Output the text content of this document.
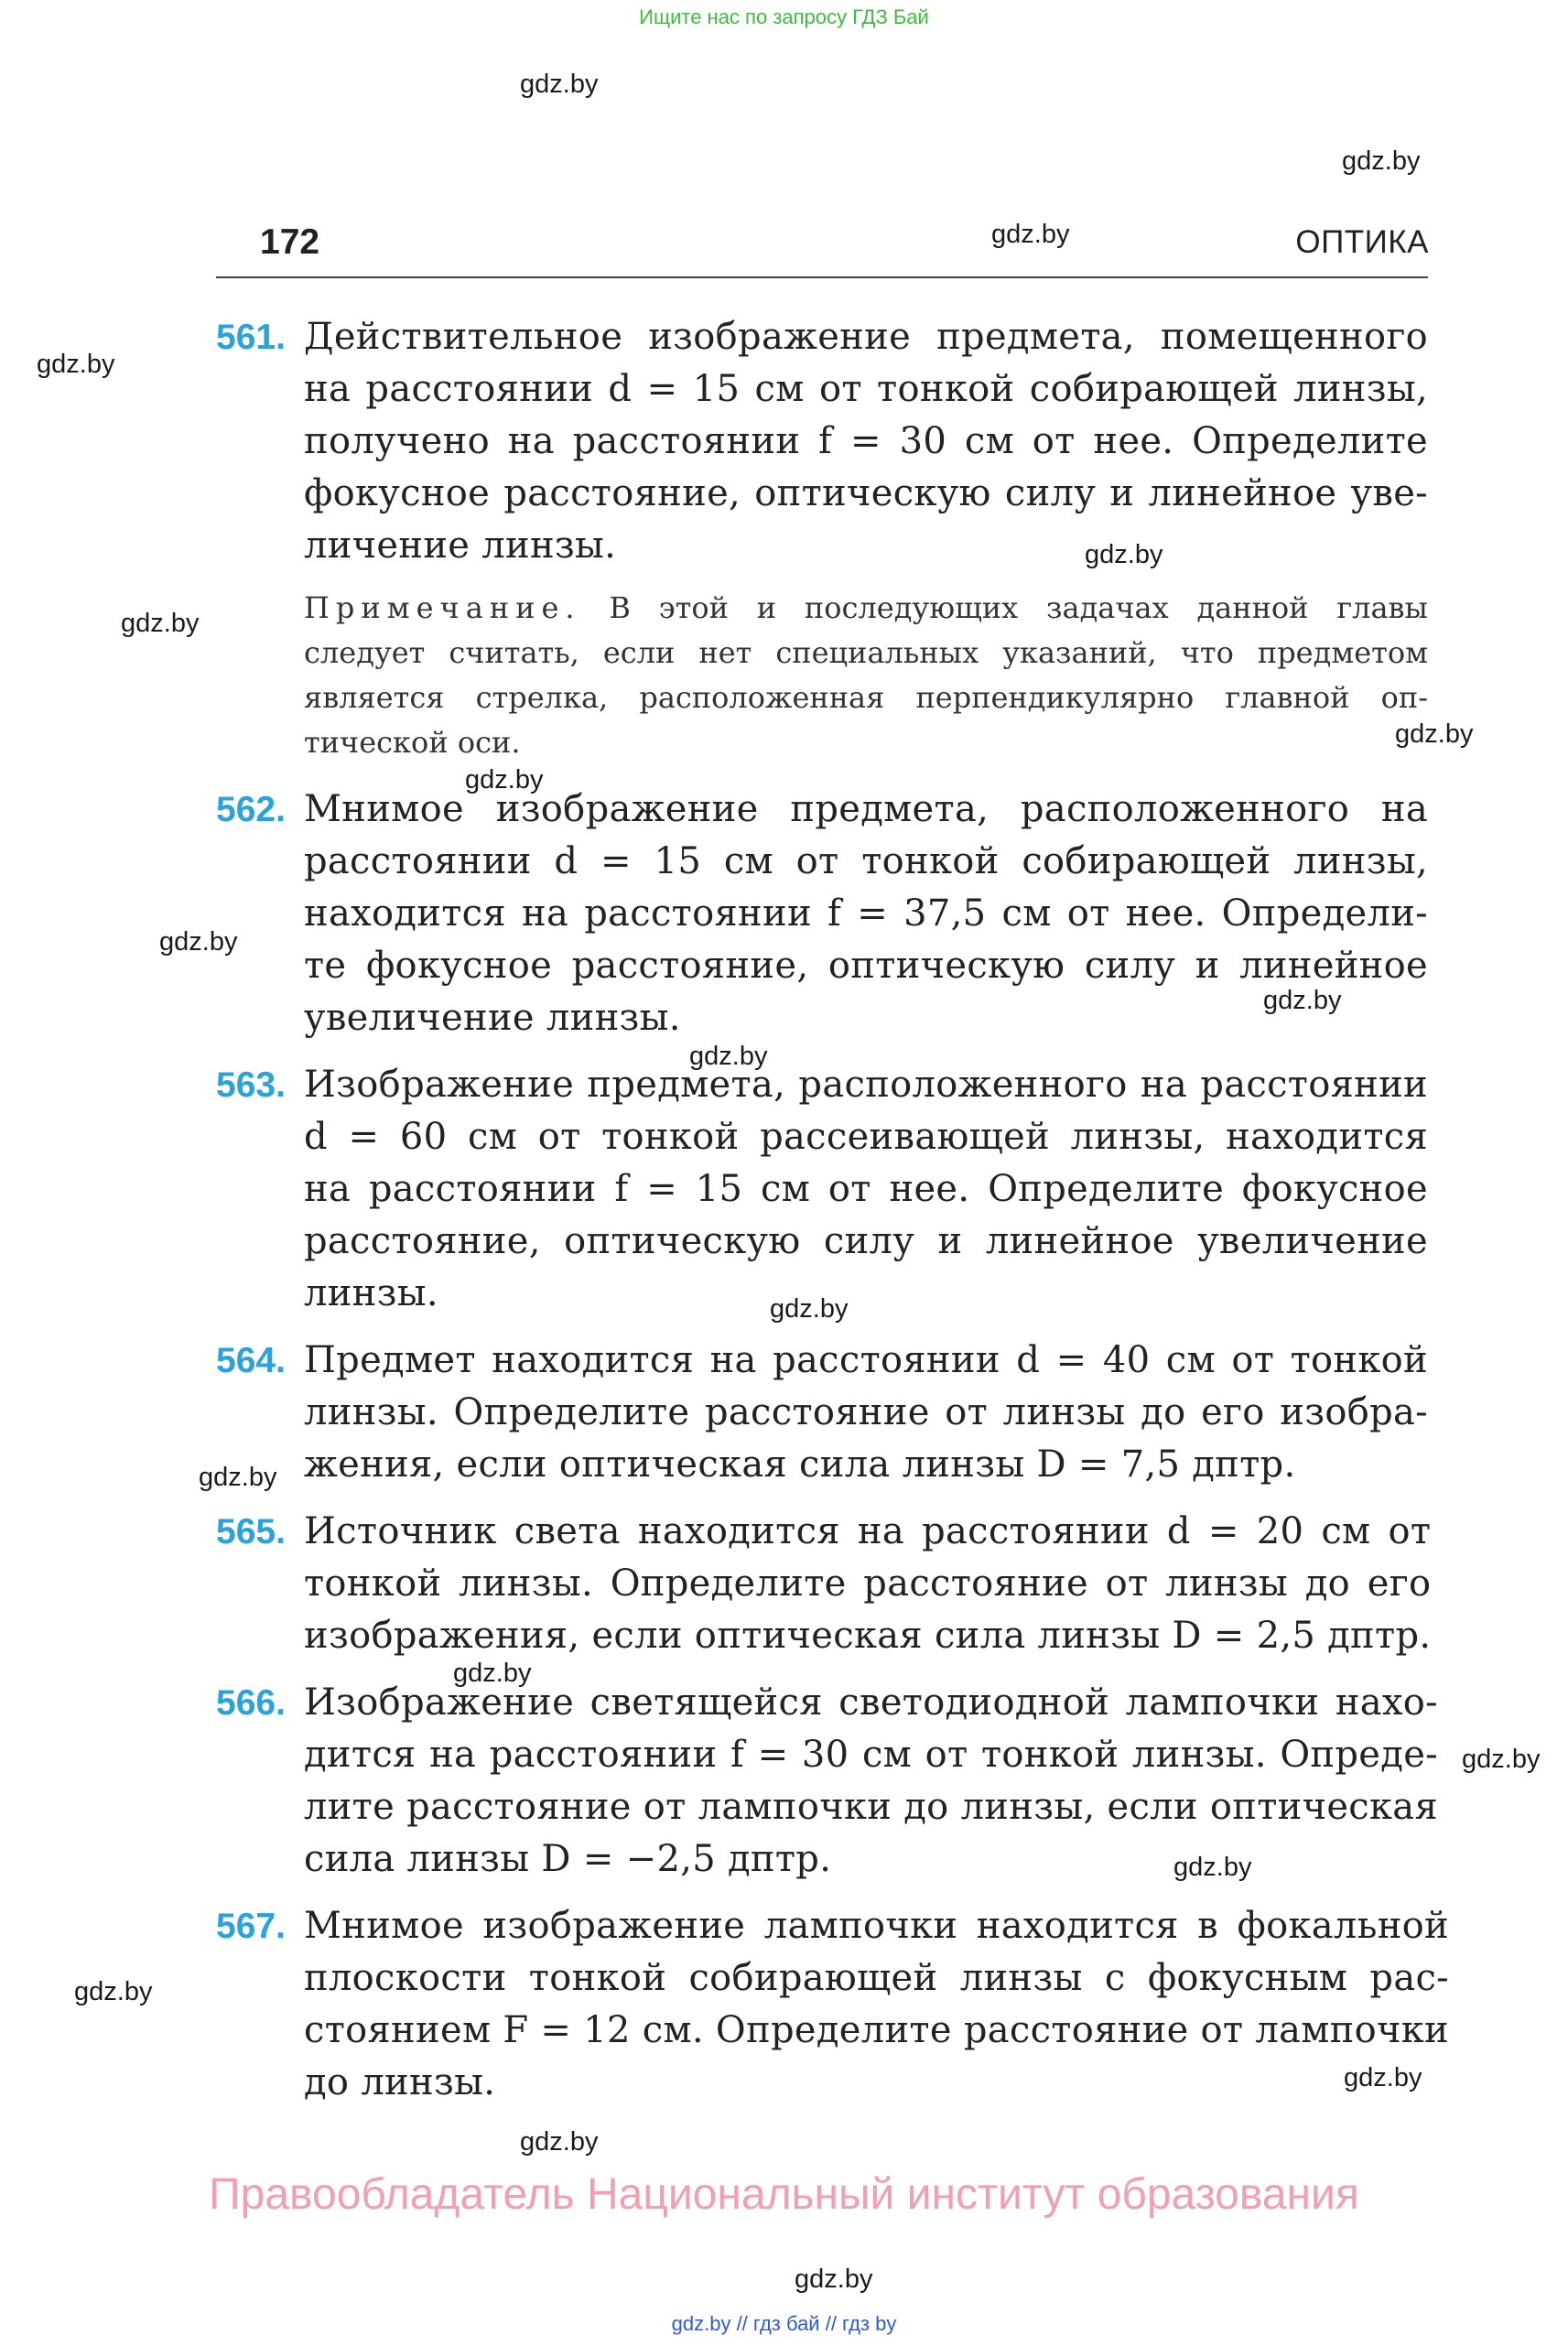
Ищите нас по запросу ГДЗ Бай
gdz.by
gdz.by
gdz.by
gdz.by
gdz.by
gdz.by
gdz.by
gdz.by
gdz.by
gdz.by
gdz.by
gdz.by
gdz.by
gdz.by
gdz.by
gdz.by
gdz.by
gdz.by
gdz.by
gdz.by
172	ОПТИКА
561. Действительное изображение предмета, помещенного
на расстоянии d = 15 см от тонкой собирающей линзы,
получено на расстоянии f = 30 см от нее. Определите
фокусное расстояние, оптическую силу и линейное уве-
личение линзы.
Примечание. В этой и последующих задачах данной главы
следует считать, если нет специальных указаний, что предметом
является стрелка, расположенная перпендикулярно главной оп-
тической оси.
562. Мнимое изображение предмета, расположенного на
расстоянии d = 15 см от тонкой собирающей линзы,
находится на расстоянии f = 37,5 см от нее. Определи-
те фокусное расстояние, оптическую силу и линейное
увеличение линзы.
563. Изображение предмета, расположенного на расстоянии
d = 60 см от тонкой рассеивающей линзы, находится
на расстоянии f = 15 см от нее. Определите фокусное
расстояние, оптическую силу и линейное увеличение
линзы.
564. Предмет находится на расстоянии d = 40 см от тонкой
линзы. Определите расстояние от линзы до его изобра-
жения, если оптическая сила линзы D = 7,5 дптр.
565. Источник света находится на расстоянии d = 20 см от
тонкой линзы. Определите расстояние от линзы до его
изображения, если оптическая сила линзы D = 2,5 дптр.
566. Изображение светящейся светодиодной лампочки нахо-
дится на расстоянии f = 30 см от тонкой линзы. Опреде-
лите расстояние от лампочки до линзы, если оптическая
сила линзы D = −2,5 дптр.
567. Мнимое изображение лампочки находится в фокальной
плоскости тонкой собирающей линзы с фокусным рас-
стоянием F = 12 см. Определите расстояние от лампочки
до линзы.
Правообладатель Национальный институт образования
gdz.by // гдз бай // гдз by
